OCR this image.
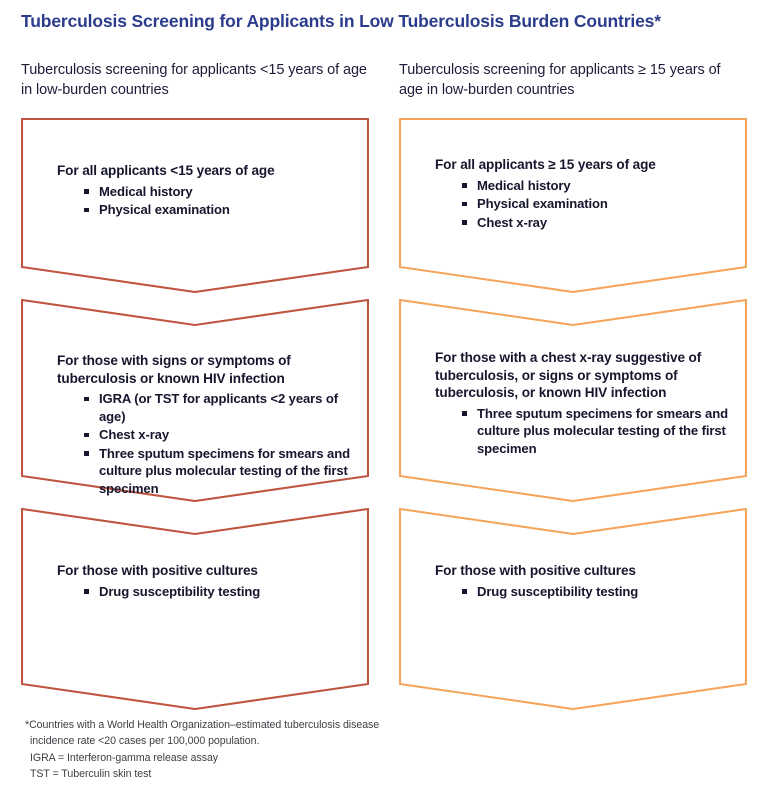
Tuberculosis Screening for Applicants in Low Tuberculosis Burden Countries*
Tuberculosis screening for applicants <15 years of age in low-burden countries
Tuberculosis screening for applicants ≥ 15 years of age in low-burden countries
For all applicants <15 years of age
Medical history
Physical examination
For those with signs or symptoms of tuberculosis or known HIV infection
IGRA (or TST for applicants <2 years of age)
Chest x-ray
Three sputum specimens for smears and culture plus molecular testing of the first specimen
For those with positive cultures
Drug susceptibility testing
For all applicants ≥ 15 years of age
Medical history
Physical examination
Chest x-ray
For those with a chest x-ray suggestive of tuberculosis, or signs or symptoms of tuberculosis, or known HIV infection
Three sputum specimens for smears and culture plus molecular testing of the first specimen
For those with positive cultures
Drug susceptibility testing

*Countries with a World Health Organization–estimated tuberculosis disease incidence rate <20 cases per 100,000 population.

IGRA = Interferon-gamma release assay

TST = Tuberculin skin test
